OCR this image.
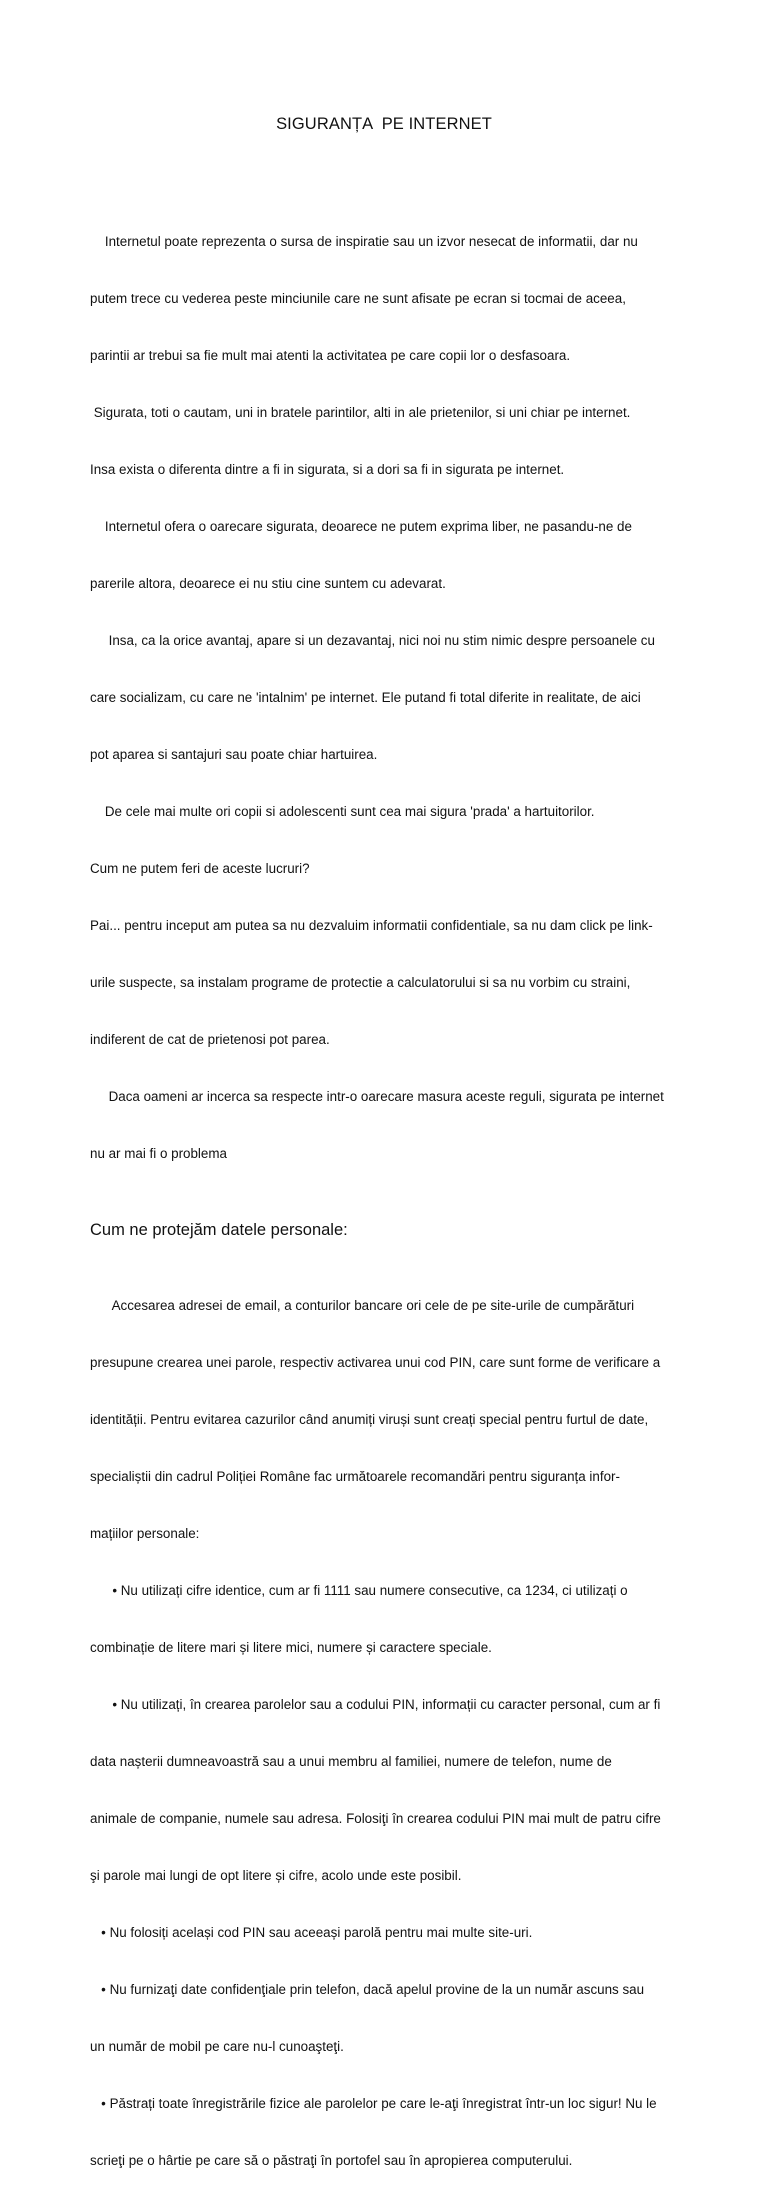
SIGURANȚA  PE INTERNET

Internetul poate reprezenta o sursa de inspiratie sau un izvor nesecat de informatii, dar nu

putem trece cu vederea peste minciunile care ne sunt afisate pe ecran si tocmai de aceea,

parintii ar trebui sa fie mult mai atenti la activitatea pe care copii lor o desfasoara.

Sigurata, toti o cautam, uni in bratele parintilor, alti in ale prietenilor, si uni chiar pe internet.

Insa exista o diferenta dintre a fi in sigurata, si a dori sa fi in sigurata pe internet.

Internetul ofera o oarecare sigurata, deoarece ne putem exprima liber, ne pasandu-ne de

parerile altora, deoarece ei nu stiu cine suntem cu adevarat.

Insa, ca la orice avantaj, apare si un dezavantaj, nici noi nu stim nimic despre persoanele cu

care socializam, cu care ne 'intalnim' pe internet. Ele putand fi total diferite in realitate, de aici

pot aparea si santajuri sau poate chiar hartuirea.

De cele mai multe ori copii si adolescenti sunt cea mai sigura 'prada' a hartuitorilor.

Cum ne putem feri de aceste lucruri?

Pai... pentru inceput am putea sa nu dezvaluim informatii confidentiale, sa nu dam click pe link-

urile suspecte, sa instalam programe de protectie a calculatorului si sa nu vorbim cu straini,

indiferent de cat de prietenosi pot parea.

Daca oameni ar incerca sa respecte intr-o oarecare masura aceste reguli, sigurata pe internet

nu ar mai fi o problema

Cum ne protejăm datele personale:

Accesarea adresei de email, a conturilor bancare ori cele de pe site-urile de cumpărături

presupune crearea unei parole, respectiv activarea unui cod PIN, care sunt forme de verificare a

identității. Pentru evitarea cazurilor când anumiți viruși sunt creați special pentru furtul de date,

specialiștii din cadrul Poliției Române fac următoarele recomandări pentru siguranța infor-

mațiilor personale:

• Nu utilizați cifre identice, cum ar fi 1111 sau numere consecutive, ca 1234, ci utilizați o

combinație de litere mari și litere mici, numere și caractere speciale.

• Nu utilizați, în crearea parolelor sau a codului PIN, informații cu caracter personal, cum ar fi

data nașterii dumneavoastră sau a unui membru al familiei, numere de telefon, nume de

animale de companie, numele sau adresa. Folosiţi în crearea codului PIN mai mult de patru cifre

şi parole mai lungi de opt litere și cifre, acolo unde este posibil.

• Nu folosiți același cod PIN sau aceeași parolă pentru mai multe site-uri.

• Nu furnizaţi date confidenţiale prin telefon, dacă apelul provine de la un număr ascuns sau

un număr de mobil pe care nu-l cunoaşteţi.

• Păstrați toate înregistrările fizice ale parolelor pe care le-aţi înregistrat într-un loc sigur! Nu le

scrieţi pe o hârtie pe care să o păstraţi în portofel sau în apropierea computerului.
